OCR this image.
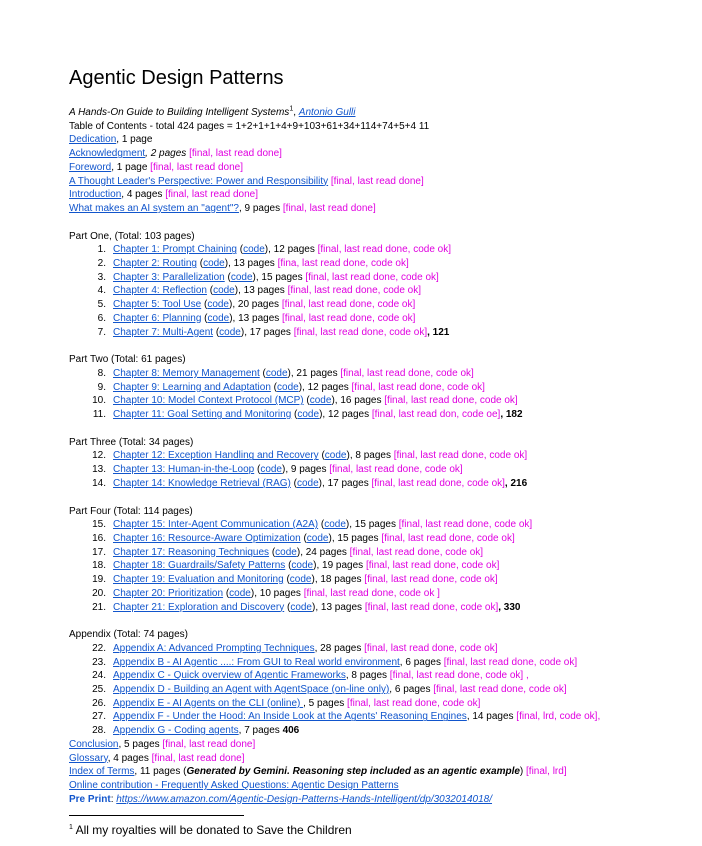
Agentic Design Patterns
A Hands-On Guide to Building Intelligent Systems$^1$, Antonio Gulli
Table of Contents - total 424 pages = 1+2+1+1+4+9+103+61+34+114+74+5+4 11
Dedication, 1 page
Acknowledgment, 2 pages [final, last read done]
Foreword, 1 page [final, last read done]
A Thought Leader's Perspective: Power and Responsibility [final, last read done]
Introduction, 4 pages [final, last read done]
What makes an AI system an "agent"?, 9 pages [final, last read done]
Part One, (Total: 103 pages)
1. Chapter 1: Prompt Chaining (code), 12 pages [final, last read done, code ok]
2. Chapter 2: Routing (code), 13 pages [fina, last read done, code ok]
3. Chapter 3: Parallelization (code), 15 pages [final, last read done, code ok]
4. Chapter 4: Reflection (code), 13 pages [final, last read done, code ok]
5. Chapter 5: Tool Use (code), 20 pages [final, last read done, code ok]
6. Chapter 6: Planning (code), 13 pages [final, last read done, code ok]
7. Chapter 7: Multi-Agent (code), 17 pages [final, last read done, code ok], 121
Part Two (Total: 61 pages)
8. Chapter 8: Memory Management (code), 21 pages [final, last read done, code ok]
9. Chapter 9: Learning and Adaptation (code), 12 pages [final, last read done, code ok]
10. Chapter 10: Model Context Protocol (MCP) (code), 16 pages [final, last read done, code ok]
11. Chapter 11: Goal Setting and Monitoring (code), 12 pages [final, last read don, code oe], 182
Part Three (Total: 34 pages)
12. Chapter 12: Exception Handling and Recovery (code), 8 pages [final, last read done, code ok]
13. Chapter 13: Human-in-the-Loop (code), 9 pages [final, last read done, code ok]
14. Chapter 14: Knowledge Retrieval (RAG) (code), 17 pages [final, last read done, code ok], 216
Part Four (Total: 114 pages)
15. Chapter 15: Inter-Agent Communication (A2A) (code), 15 pages [final, last read done, code ok]
16. Chapter 16: Resource-Aware Optimization (code), 15 pages [final, last read done, code ok]
17. Chapter 17: Reasoning Techniques (code), 24 pages [final, last read done, code ok]
18. Chapter 18: Guardrails/Safety Patterns (code), 19 pages [final, last read done, code ok]
19. Chapter 19: Evaluation and Monitoring (code), 18 pages [final, last read done, code ok]
20. Chapter 20: Prioritization (code), 10 pages [final, last read done, code ok ]
21. Chapter 21: Exploration and Discovery (code), 13 pages [final, last read done, code ok], 330
Appendix (Total: 74 pages)
22. Appendix A: Advanced Prompting Techniques, 28 pages [final, last read done, code ok]
23. Appendix B - AI Agentic ....: From GUI to Real world environment, 6 pages [final, last read done, code ok]
24. Appendix C - Quick overview of Agentic Frameworks, 8 pages [final, last read done, code ok] ,
25. Appendix D - Building an Agent with AgentSpace (on-line only), 6 pages [final, last read done, code ok]
26. Appendix E - AI Agents on the CLI (online) , 5 pages [final, last read done, code ok]
27. Appendix F - Under the Hood: An Inside Look at the Agents' Reasoning Engines, 14 pages [final, lrd, code ok],
28. Appendix G - Coding agents, 7 pages 406
Conclusion, 5 pages [final, last read done]
Glossary, 4 pages [final, last read done]
Index of Terms, 11 pages (Generated by Gemini. Reasoning step included as an agentic example) [final, lrd]
Online contribution - Frequently Asked Questions: Agentic Design Patterns
Pre Print: https://www.amazon.com/Agentic-Design-Patterns-Hands-Intelligent/dp/3032014018/
$^1$ All my royalties will be donated to Save the Children
